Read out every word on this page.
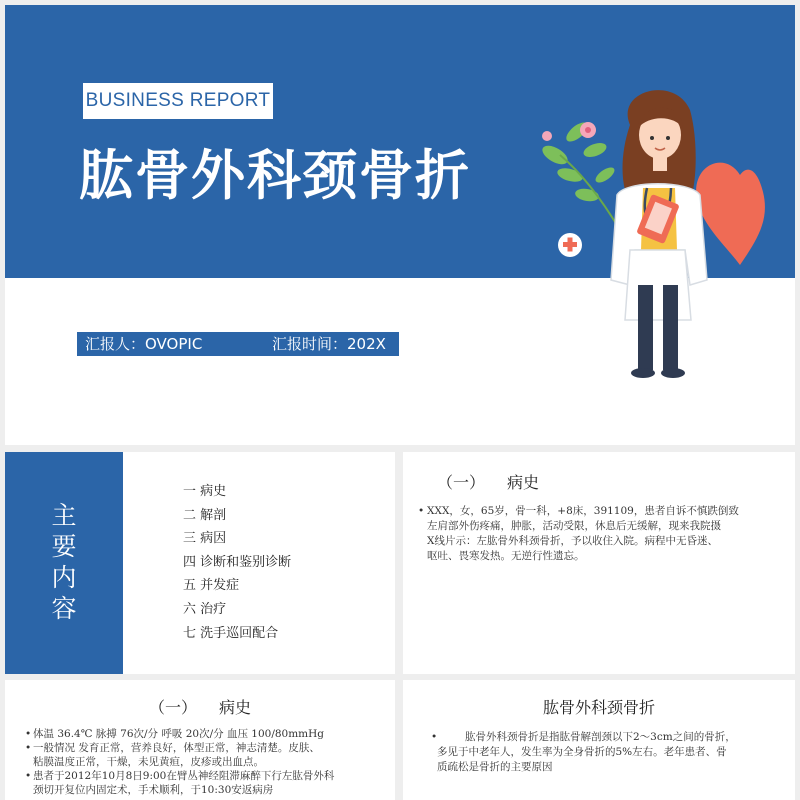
BUSINESS REPORT
肱骨外科颈骨折
汇报人：OVOPIC	汇报时间：202X
主
要
内
容
一 病史
二 解剖
三 病因
四 诊断和鉴别诊断
五 并发症
六 治疗
七 洗手巡回配合
（一） 病史
• XXX，女，65岁，骨一科，+8床，391109，患者自诉不慎跌倒致
左肩部外伤疼痛，肿胀，活动受限，休息后无缓解，现来我院摄
X线片示：左肱骨外科颈骨折，予以收住入院。病程中无昏迷、
呕吐、畏寒发热。无逆行性遗忘。
（一） 病史
• 体温 36.4℃ 脉搏 76次/分 呼吸 20次/分 血压 100/80mmHg
• 一般情况 发育正常，营养良好，体型正常，神志清楚。皮肤、
粘膜温度正常，干燥，未见黄疸，皮疹或出血点。
• 患者于2012年10月8日9:00在臂丛神经阻滞麻醉下行左肱骨外科
颈切开复位内固定术，手术顺利，于10:30安返病房
肱骨外科颈骨折
•	肱骨外科颈骨折是指肱骨解剖颈以下2～3cm之间的骨折，

多见于中老年人，发生率为全身骨折的5%左右。老年患者、骨
质疏松是骨折的主要原因
